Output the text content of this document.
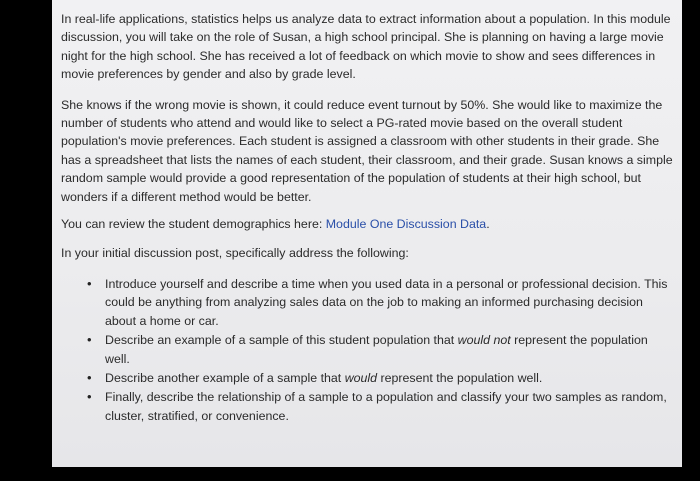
In real-life applications, statistics helps us analyze data to extract information about a population. In this module discussion, you will take on the role of Susan, a high school principal. She is planning on having a large movie night for the high school. She has received a lot of feedback on which movie to show and sees differences in movie preferences by gender and also by grade level.

She knows if the wrong movie is shown, it could reduce event turnout by 50%. She would like to maximize the number of students who attend and would like to select a PG-rated movie based on the overall student population's movie preferences. Each student is assigned a classroom with other students in their grade. She has a spreadsheet that lists the names of each student, their classroom, and their grade. Susan knows a simple random sample would provide a good representation of the population of students at their high school, but wonders if a different method would be better.

You can review the student demographics here: Module One Discussion Data.

In your initial discussion post, specifically address the following:

• Introduce yourself and describe a time when you used data in a personal or professional decision. This could be anything from analyzing sales data on the job to making an informed purchasing decision about a home or car.
• Describe an example of a sample of this student population that would not represent the population well.
• Describe another example of a sample that would represent the population well.
• Finally, describe the relationship of a sample to a population and classify your two samples as random, cluster, stratified, or convenience.
